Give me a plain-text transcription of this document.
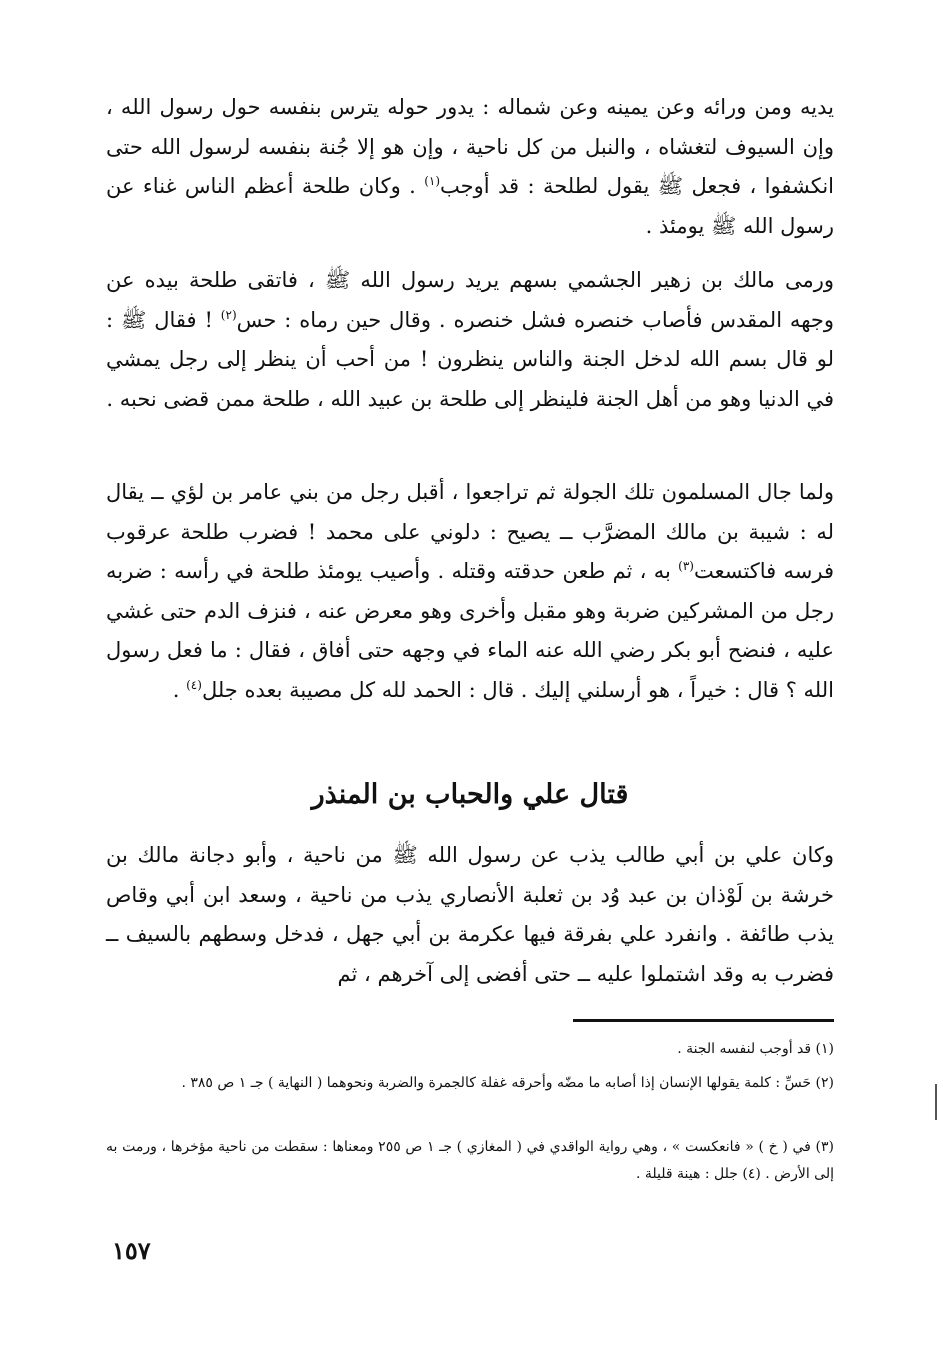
يديه ومن ورائه وعن يمينه وعن شماله : يدور حوله يترس بنفسه حول رسول الله ، وإن السيوف لتغشاه ، والنبل من كل ناحية ، وإن هو إلا جُنة بنفسه لرسول الله حتى انكشفوا ، فجعل ﷺ يقول لطلحة : قد أوجب$^{(١)}$ . وكان طلحة أعظم الناس غناء عن رسول الله ﷺ يومئذ .

ورمى مالك بن زهير الجشمي بسهم يريد رسول الله ﷺ ، فاتقى طلحة بيده عن وجهه المقدس فأصاب خنصره فشل خنصره . وقال حين رماه : حس$^{(٢)}$ ! فقال ﷺ : لو قال بسم الله لدخل الجنة والناس ينظرون ! من أحب أن ينظر إلى رجل يمشي في الدنيا وهو من أهل الجنة فلينظر إلى طلحة بن عبيد الله ، طلحة ممن قضى نحبه .

ولما جال المسلمون تلك الجولة ثم تراجعوا ، أقبل رجل من بني عامر بن لؤي ــ يقال له : شيبة بن مالك المضرَّب ــ يصيح : دلوني على محمد ! فضرب طلحة عرقوب فرسه فاكتسعت$^{(٣)}$ به ، ثم طعن حدقته وقتله . وأصيب يومئذ طلحة في رأسه : ضربه رجل من المشركين ضربة وهو مقبل وأخرى وهو معرض عنه ، فنزف الدم حتى غشي عليه ، فنضح أبو بكر رضي الله عنه الماء في وجهه حتى أفاق ، فقال : ما فعل رسول الله ؟ قال : خيراً ، هو أرسلني إليك . قال : الحمد لله كل مصيبة بعده جلل$^{(٤)}$ .

قتال علي والحباب بن المنذر

وكان علي بن أبي طالب يذب عن رسول الله ﷺ من ناحية ، وأبو دجانة مالك بن خرشة بن لَوْذان بن عبد وُد بن ثعلبة الأنصاري يذب من ناحية ، وسعد ابن أبي وقاص يذب طائفة . وانفرد علي بفرقة فيها عكرمة بن أبي جهل ، فدخل وسطهم بالسيف ــ فضرب به وقد اشتملوا عليه ــ حتى أفضى إلى آخرهم ، ثم

(١) قد أوجب لنفسه الجنة .

(٢) حَسِّ : كلمة يقولها الإنسان إذا أصابه ما مضّه وأحرقه غفلة كالجمرة والضربة ونحوهما ( النهاية ) جـ ١ ص ٣٨٥ .

(٣) في ( خ ) « فانعكست » ، وهي رواية الواقدي في ( المغازي ) جـ ١ ص ٢٥٥ ومعناها : سقطت من ناحية مؤخرها ، ورمت به إلى الأرض . (٤) جلل : هينة قليلة .

١٥٧
